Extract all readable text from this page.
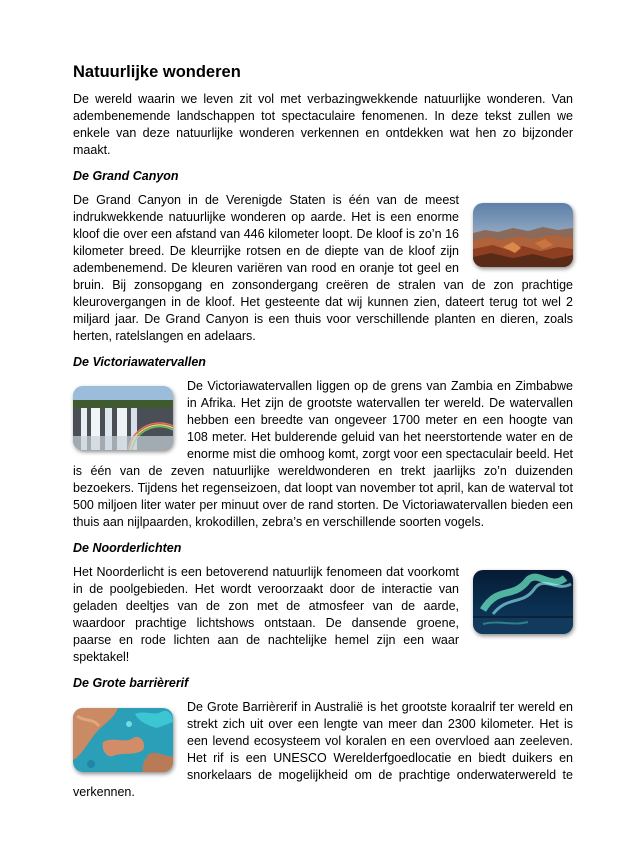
Natuurlijke wonderen

De wereld waarin we leven zit vol met verbazingwekkende natuurlijke wonderen. Van adembenemende landschappen tot spectaculaire fenomenen. In deze tekst zullen we enkele van deze natuurlijke wonderen verkennen en ontdekken wat hen zo bijzonder maakt.

De Grand Canyon

De Grand Canyon in de Verenigde Staten is één van de meest indrukwekkende natuurlijke wonderen op aarde. Het is een enorme kloof die over een afstand van 446 kilometer loopt. De kloof is zo’n 16 kilometer breed. De kleurrijke rotsen en de diepte van de kloof zijn adembenemend. De kleuren variëren van rood en oranje tot geel en bruin. Bij zonsopgang en zonsondergang creëren de stralen van de zon prachtige kleurovergangen in de kloof. Het gesteente dat wij kunnen zien, dateert terug tot wel 2 miljard jaar. De Grand Canyon is een thuis voor verschillende planten en dieren, zoals herten, ratelslangen en adelaars.

De Victoriawatervallen

De Victoriawatervallen liggen op de grens van Zambia en Zimbabwe in Afrika. Het zijn de grootste watervallen ter wereld. De watervallen hebben een breedte van ongeveer 1700 meter en een hoogte van 108 meter. Het bulderende geluid van het neerstortende water en de enorme mist die omhoog komt, zorgt voor een spectaculair beeld. Het is één van de zeven natuurlijke wereldwonderen en trekt jaarlijks zo’n duizenden bezoekers. Tijdens het regenseizoen, dat loopt van november tot april, kan de waterval tot 500 miljoen liter water per minuut over de rand storten. De Victoriawatervallen bieden een thuis aan nijlpaarden, krokodillen, zebra’s en verschillende soorten vogels.

De Noorderlichten

Het Noorderlicht is een betoverend natuurlijk fenomeen dat voorkomt in de poolgebieden. Het wordt veroorzaakt door de interactie van geladen deeltjes van de zon met de atmosfeer van de aarde, waardoor prachtige lichtshows ontstaan. De dansende groene, paarse en rode lichten aan de nachtelijke hemel zijn een waar spektakel!

De Grote barrièrerif

De Grote Barrièrerif in Australië is het grootste koraalrif ter wereld en strekt zich uit over een lengte van meer dan 2300 kilometer. Het is een levend ecosysteem vol koralen en een overvloed aan zeeleven. Het rif is een UNESCO Werelderfgoedlocatie en biedt duikers en snorkelaars de mogelijkheid om de prachtige onderwaterwereld te verkennen.
